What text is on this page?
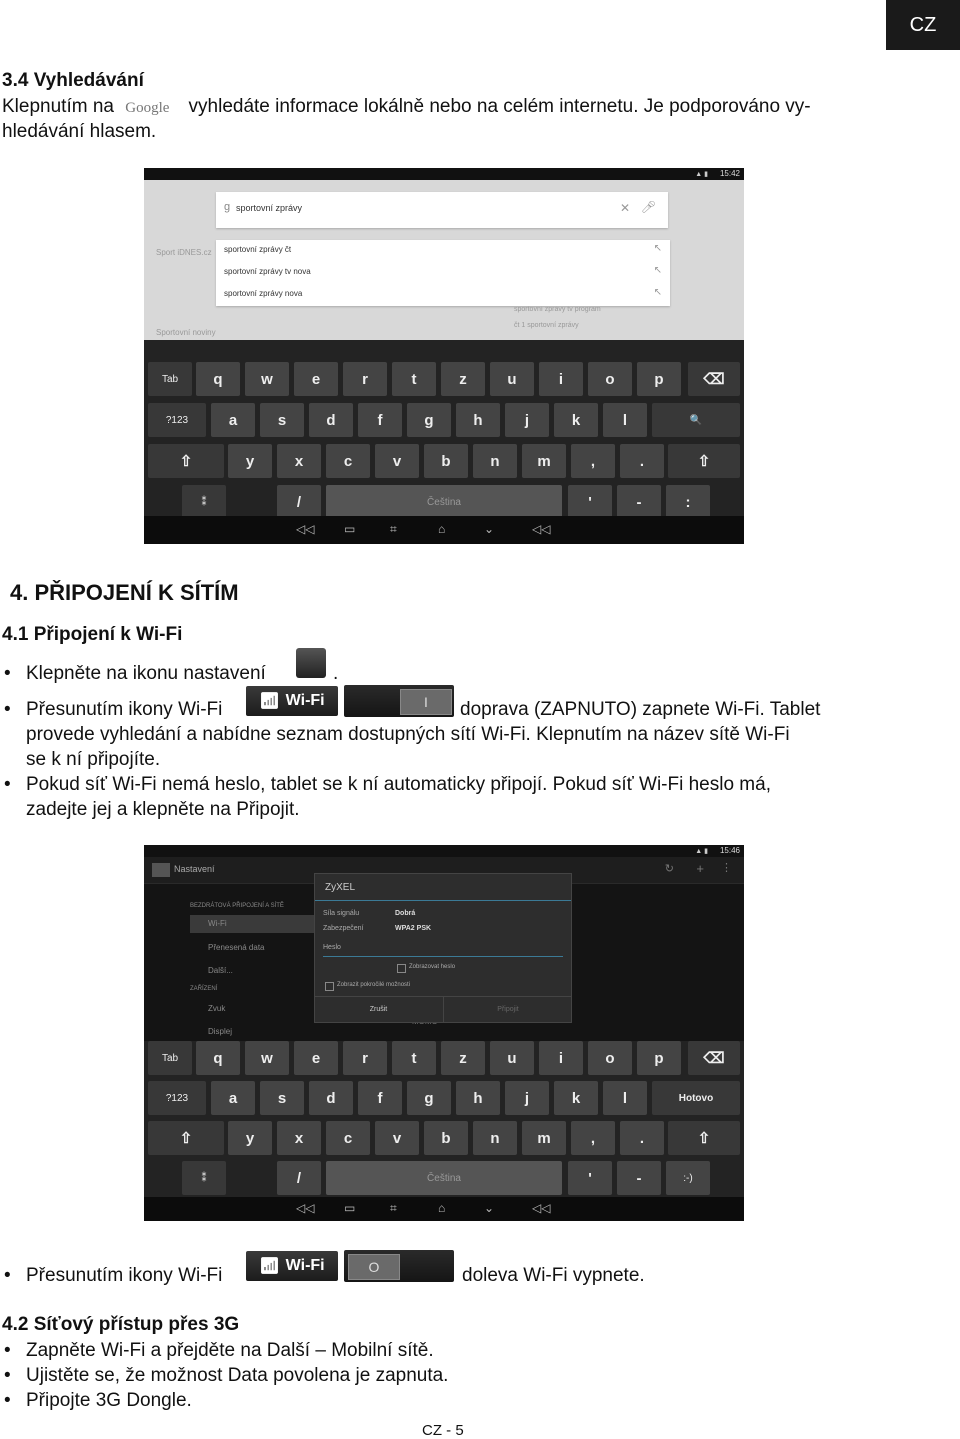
CZ
3.4 Vyhledávání
Klepnutím na Google vyhledáte informace lokálně nebo na celém internetu. Je podporováno vy-
hledávání hlasem.
▲ ▮ 15:42
g sportovní zprávy	✕ 🎤︎
Sport iDNES.cz
Sportovní noviny
sportovní zprávy tv program
čt 1 sportovní zprávy
sportovní zprávy čt
sportovní zprávy tv nova
sportovní zprávy nova
↖
↖
↖
Tab	q	w	e	r	t	z	u	i	o	p	⌫
?123	a	s	d	f	g	h	j	k	l	🔍
⇧	y	x	c	v	b	n	m	,	.	⇧
⁑	/	Čeština	'	-	:
◁◁ ▭	⌗	⌂	⌄	◁◁
4. PŘIPOJENÍ K SÍTÍM
4.1 Připojení k Wi-Fi
• Klepněte na ikonu nastavení	.
• Přesunutím ikony Wi-Fi 📶︎ Wi-Fi	I	doprava (ZAPNUTO) zapnete Wi-Fi. Tablet
provede vyhledání a nabídne seznam dostupných sítí Wi-Fi. Klepnutím na název sítě Wi-Fi
se k ní připojíte.
• Pokud síť Wi-Fi nemá heslo, tablet se k ní automaticky připojí. Pokud síť Wi-Fi heslo má,
zadejte jej a klepněte na Připojit.
▲ ▮ 15:46
Nastavení	↻ + ⋮
BEZDRÁTOVÁ PŘIPOJENÍ A SÍTĚ
Wi-Fi
Přenesená data
Další...
ZAŘÍZENÍ
Zvuk
Displej
ZyXEL
Síla signálu	Dobrá
Zabezpečení	WPA2 PSK
Heslo
Zobrazovat heslo
Zobrazit pokročilé možnosti
Zrušit	Připojit
Tab	q	w	e	r	t	z	u	i	o	p	⌫
?123	a	s	d	f	g	h	j	k	l	Hotovo
⇧	y	x	c	v	b	n	m	,	.	⇧
⁑	/	Čeština	'	-	:-)
◁◁ ▭	⌗	⌂	⌄	◁◁
• Přesunutím ikony Wi-Fi 📶︎ Wi-Fi	O	doleva Wi-Fi vypnete.
4.2 Síťový přístup přes 3G
• Zapněte Wi-Fi a přejděte na Další – Mobilní sítě.
• Ujistěte se, že možnost Data povolena je zapnuta.
• Připojte 3G Dongle.
CZ - 5
